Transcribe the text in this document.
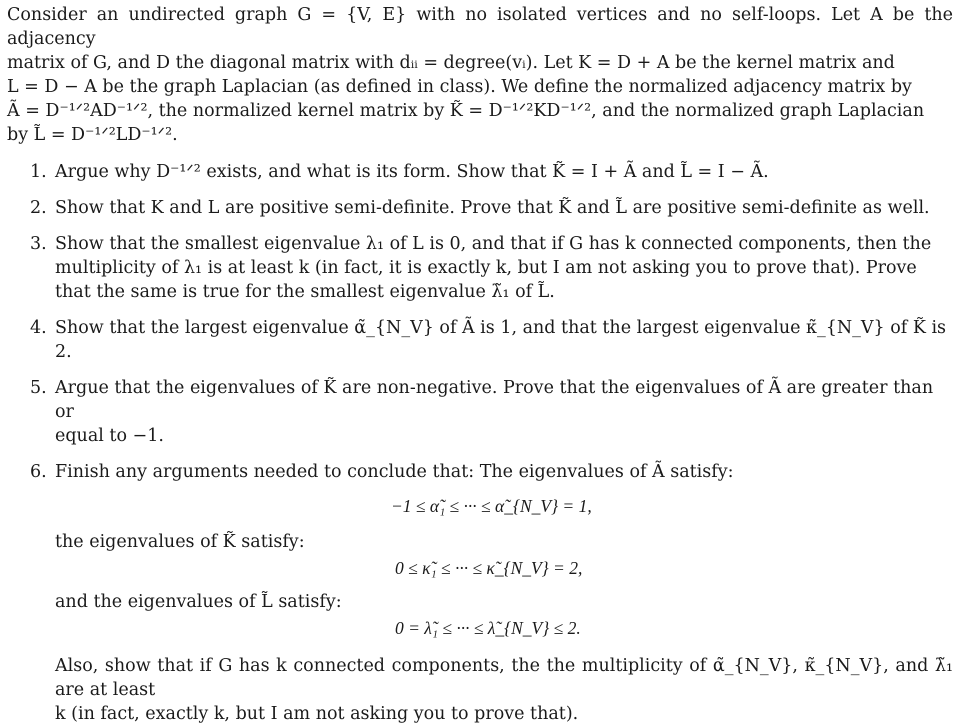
Consider an undirected graph G = {V, E} with no isolated vertices and no self-loops. Let A be the adjacency
matrix of G, and D the diagonal matrix with dᵢᵢ = degree(vᵢ). Let K = D + A be the kernel matrix and
L = D − A be the graph Laplacian (as defined in class). We define the normalized adjacency matrix by
Ã = D⁻¹ᐟ²AD⁻¹ᐟ², the normalized kernel matrix by K̃ = D⁻¹ᐟ²KD⁻¹ᐟ², and the normalized graph Laplacian
by L̃ = D⁻¹ᐟ²LD⁻¹ᐟ².
1. Argue why D⁻¹ᐟ² exists, and what is its form. Show that K̃ = I + Ã and L̃ = I − Ã.
2. Show that K and L are positive semi-definite. Prove that K̃ and L̃ are positive semi-definite as well.
3. Show that the smallest eigenvalue λ₁ of L is 0, and that if G has k connected components, then the
multiplicity of λ₁ is at least k (in fact, it is exactly k, but I am not asking you to prove that). Prove
that the same is true for the smallest eigenvalue λ̃₁ of L̃.
4. Show that the largest eigenvalue α̃_{N_V} of Ã is 1, and that the largest eigenvalue κ̃_{N_V} of K̃ is 2.
5. Argue that the eigenvalues of K̃ are non-negative. Prove that the eigenvalues of Ã are greater than or
equal to −1.
6. Finish any arguments needed to conclude that: The eigenvalues of Ã satisfy:
−1 ≤ α̃₁ ≤ ··· ≤ α̃_{N_V} = 1,
the eigenvalues of K̃ satisfy:
0 ≤ κ̃₁ ≤ ··· ≤ κ̃_{N_V} = 2,
and the eigenvalues of L̃ satisfy:
0 = λ̃₁ ≤ ··· ≤ λ̃_{N_V} ≤ 2.
Also, show that if G has k connected components, the the multiplicity of α̃_{N_V}, κ̃_{N_V}, and λ̃₁ are at least
k (in fact, exactly k, but I am not asking you to prove that).
